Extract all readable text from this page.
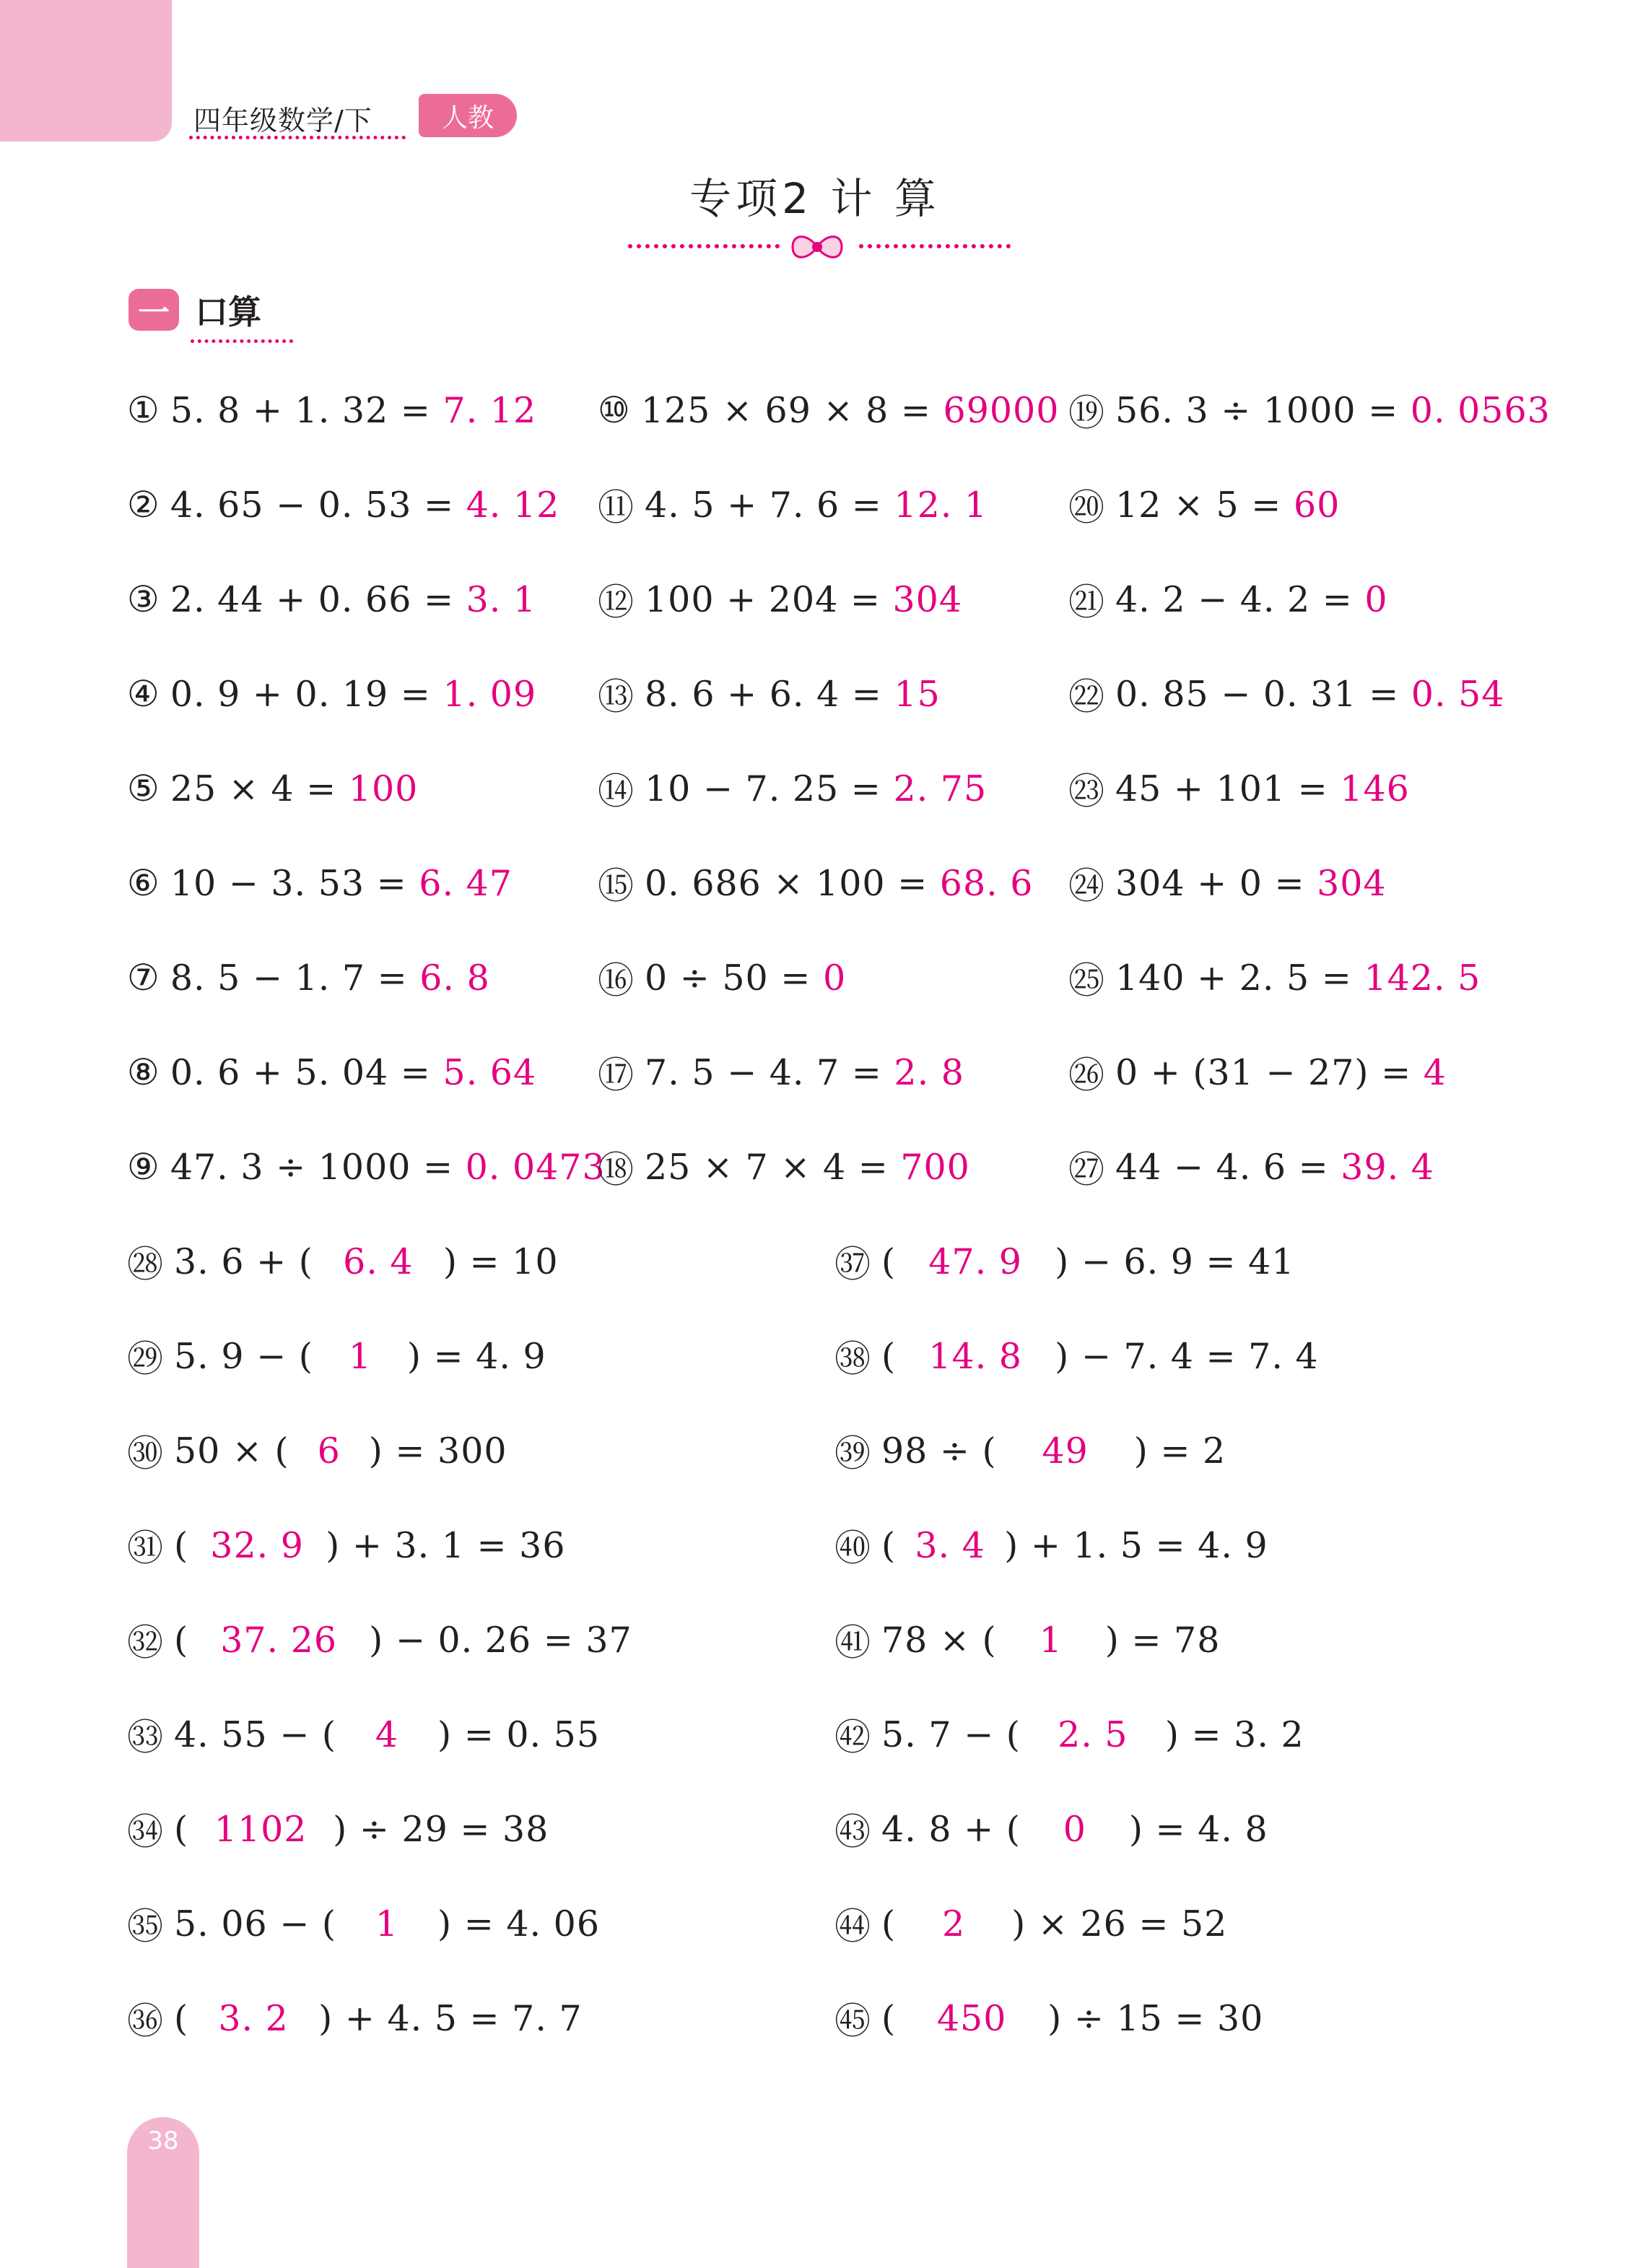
四年级数学/下	人教
专项2 计 算
一 口算
① 5. 8 + 1. 32 = 7. 12
② 4. 65 − 0. 53 = 4. 12
③ 2. 44 + 0. 66 = 3. 1
④ 0. 9 + 0. 19 = 1. 09
⑤ 25 × 4 = 100
⑥ 10 − 3. 53 = 6. 47
⑦ 8. 5 − 1. 7 = 6. 8
⑧ 0. 6 + 5. 04 = 5. 64
⑨ 47. 3 ÷ 1000 = 0. 0473
⑩ 125 × 69 × 8 = 69000
⑪ 4. 5 + 7. 6 = 12. 1
⑫ 100 + 204 = 304
⑬ 8. 6 + 6. 4 = 15
⑭ 10 − 7. 25 = 2. 75
⑮ 0. 686 × 100 = 68. 6
⑯ 0 ÷ 50 = 0
⑰ 7. 5 − 4. 7 = 2. 8
⑱ 25 × 7 × 4 = 700
⑲ 56. 3 ÷ 1000 = 0. 0563
⑳ 12 × 5 = 60
㉑ 4. 2 − 4. 2 = 0
㉒ 0. 85 − 0. 31 = 0. 54
㉓ 45 + 101 = 146
㉔ 304 + 0 = 304
㉕ 140 + 2. 5 = 142. 5
㉖ 0 + (31 − 27) = 4
㉗ 44 − 4. 6 = 39. 4
㉘ 3. 6 + ( 6. 4 ) = 10
㉙ 5. 9 − ( 1 ) = 4. 9
㉚ 50 × ( 6 ) = 300
㉛ ( 32. 9 ) + 3. 1 = 36
㉜ ( 37. 26 ) − 0. 26 = 37
㉝ 4. 55 − (	4	) = 0. 55
㉞ ( 1102 ) ÷ 29 = 38
㉟ 5. 06 − (	1	) = 4. 06
㊱ ( 3. 2 ) + 4. 5 = 7. 7
㊲ ( 47. 9 ) − 6. 9 = 41
㊳ ( 14. 8 ) − 7. 4 = 7. 4
㊴ 98 ÷ (	49	) = 2
㊵ ( 3. 4 ) + 1. 5 = 4. 9
㊶ 78 × (	1	) = 78
㊷ 5. 7 − (	2. 5	) = 3. 2
㊸ 4. 8 + (	0	) = 4. 8
㊹ (	2	) × 26 = 52
㊺ (	450	) ÷ 15 = 30
38
